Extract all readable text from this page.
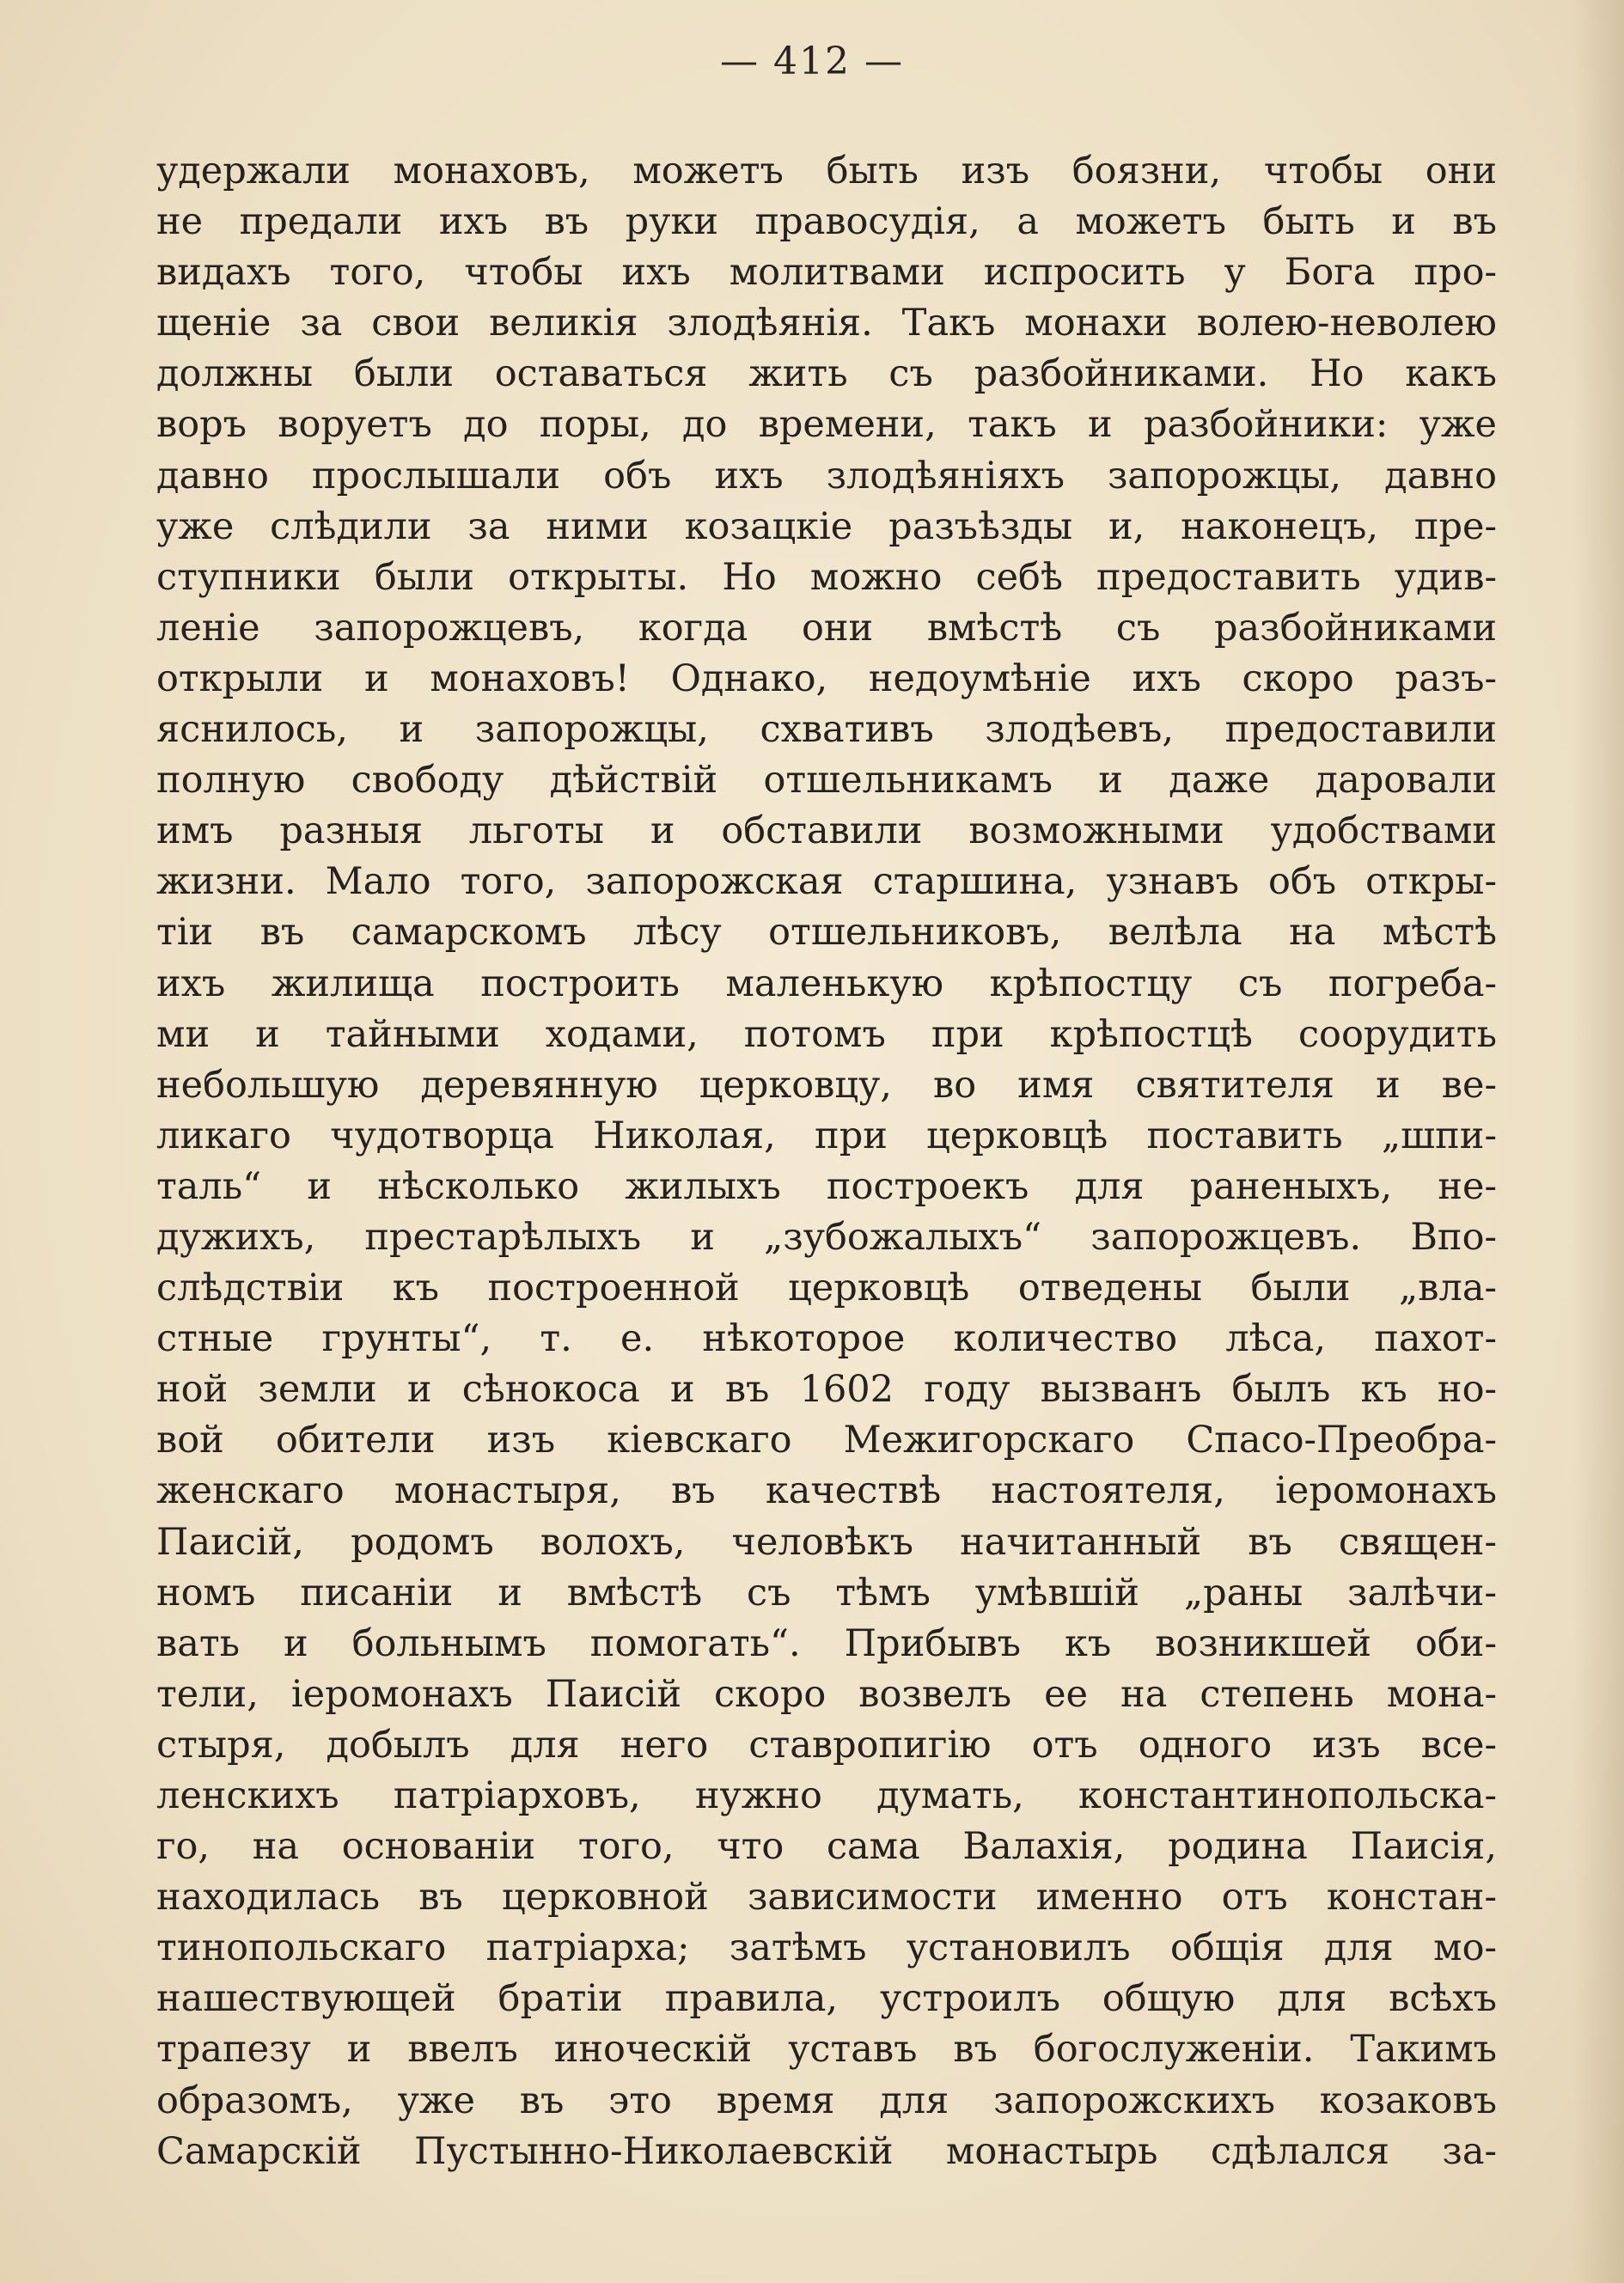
— 412 —
удержали монаховъ, можетъ быть изъ боязни, чтобы они
не предали ихъ въ руки правосудія, а можетъ быть и въ
видахъ того, чтобы ихъ молитвами испросить у Бога про-
щеніе за свои великія злодѣянія. Такъ монахи волею-неволею
должны были оставаться жить съ разбойниками. Но какъ
воръ воруетъ до поры, до времени, такъ и разбойники: уже
давно прослышали объ ихъ злодѣяніяхъ запорожцы, давно
уже слѣдили за ними козацкіе разъѣзды и, наконецъ, пре-
ступники были открыты. Но можно себѣ предоставить удив-
леніе запорожцевъ, когда они вмѣстѣ съ разбойниками
открыли и монаховъ! Однако, недоумѣніе ихъ скоро разъ-
яснилось, и запорожцы, схвативъ злодѣевъ, предоставили
полную свободу дѣйствій отшельникамъ и даже даровали
имъ разныя льготы и обставили возможными удобствами
жизни. Мало того, запорожская старшина, узнавъ объ откры-
тіи въ самарскомъ лѣсу отшельниковъ, велѣла на мѣстѣ
ихъ жилища построить маленькую крѣпостцу съ погреба-
ми и тайными ходами, потомъ при крѣпостцѣ соорудить
небольшую деревянную церковцу, во имя святителя и ве-
ликаго чудотворца Николая, при церковцѣ поставить „шпи-
таль“ и нѣсколько жилыхъ построекъ для раненыхъ, не-
дужихъ, престарѣлыхъ и „зубожалыхъ“ запорожцевъ. Впо-
слѣдствіи къ построенной церковцѣ отведены были „вла-
стные грунты“, т. е. нѣкоторое количество лѣса, пахот-
ной земли и сѣнокоса и въ 1602 году вызванъ былъ къ но-
вой обители изъ кіевскаго Межигорскаго Спасо-Преобра-
женскаго монастыря, въ качествѣ настоятеля, іеромонахъ
Паисій, родомъ волохъ, человѣкъ начитанный въ священ-
номъ писаніи и вмѣстѣ съ тѣмъ умѣвшій „раны залѣчи-
вать и больнымъ помогать“. Прибывъ къ возникшей оби-
тели, іеромонахъ Паисій скоро возвелъ ее на степень мона-
стыря, добылъ для него ставропигію отъ одного изъ все-
ленскихъ патріарховъ, нужно думать, константинопольска-
го, на основаніи того, что сама Валахія, родина Паисія,
находилась въ церковной зависимости именно отъ констан-
тинопольскаго патріарха; затѣмъ установилъ общія для мо-
нашествующей братіи правила, устроилъ общую для всѣхъ
трапезу и ввелъ иноческій уставъ въ богослуженіи. Такимъ
образомъ, уже въ это время для запорожскихъ козаковъ
Самарскій Пустынно-Николаевскій монастырь сдѣлался за-
